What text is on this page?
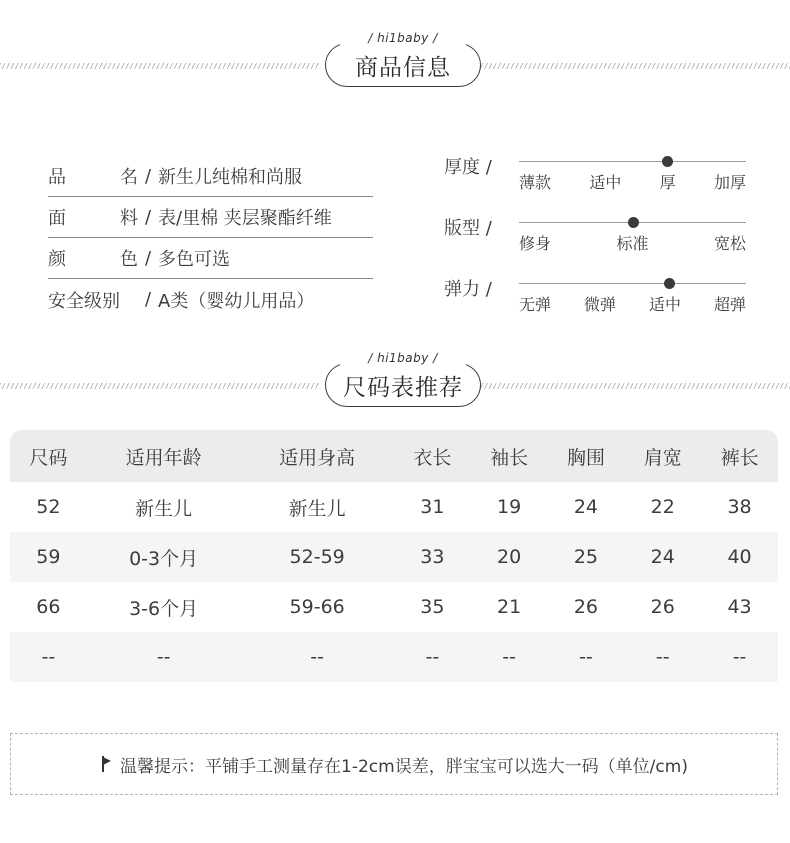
商品信息
/ hi1baby /
品	名 / 新生儿纯棉和尚服
面	料 / 表/里棉 夹层聚酯纤维
颜	色 / 多色可选
安全级别 / A类（婴幼儿用品）
厚度 /
薄款 适中 厚 加厚
版型 /
修身	标准	宽松
弹力 /
无弹 微弹 适中 超弹
尺码表推荐
/ hi1baby /
尺码	适用年龄	适用身高	衣长	袖长	胸围	肩宽	裤长
52	新生儿	新生儿	31	19	24	22	38
59	0-3个月	52-59	33	20	25	24	40
66	3-6个月	59-66	35	21	26	26	43
--	--	--	--	--	--	--	--
温馨提示：平铺手工测量存在1-2cm误差，胖宝宝可以选大一码（单位/cm)
